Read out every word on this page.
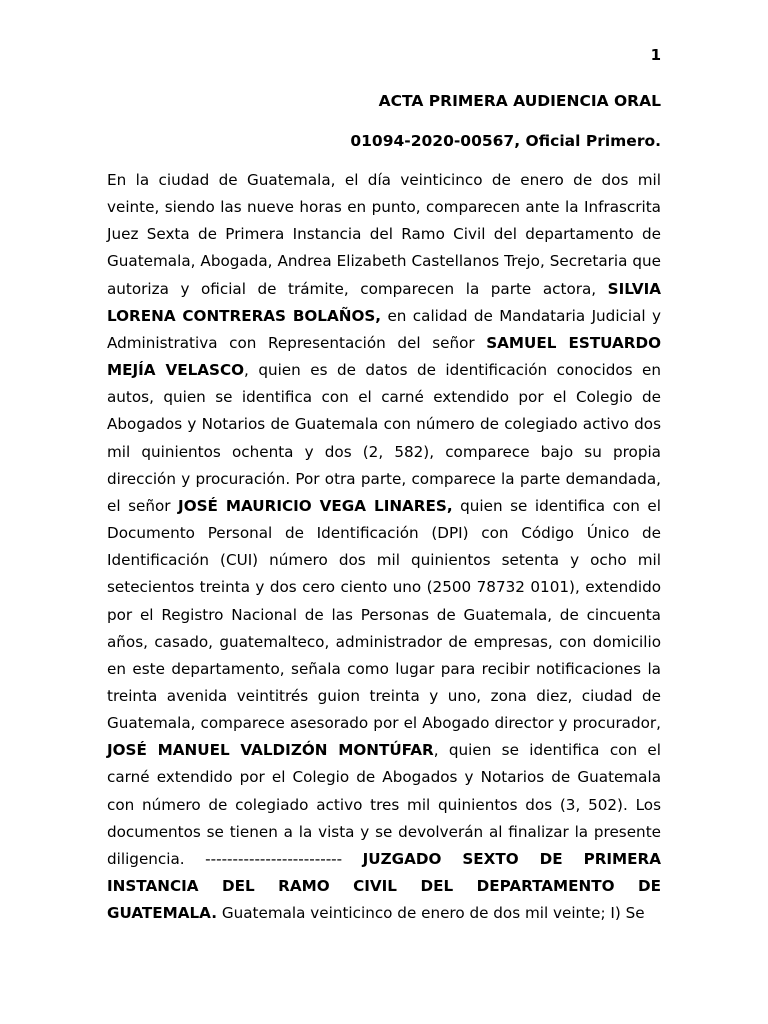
1
ACTA PRIMERA AUDIENCIA ORAL
01094-2020-00567, Oficial Primero.

En la ciudad de Guatemala, el día veinticinco de enero de dos mil veinte, siendo las nueve horas en punto, comparecen ante la Infrascrita Juez Sexta de Primera Instancia del Ramo Civil del departamento de Guatemala, Abogada, Andrea Elizabeth Castellanos Trejo, Secretaria que autoriza y oficial de trámite, comparecen la parte actora, SILVIA LORENA CONTRERAS BOLAÑOS, en calidad de Mandataria Judicial y Administrativa con Representación del señor SAMUEL ESTUARDO MEJÍA VELASCO, quien es de datos de identificación conocidos en autos, quien se identifica con el carné extendido por el Colegio de Abogados y Notarios de Guatemala con número de colegiado activo dos mil quinientos ochenta y dos (2, 582), comparece bajo su propia dirección y procuración. Por otra parte, comparece la parte demandada, el señor JOSÉ MAURICIO VEGA LINARES, quien se identifica con el Documento Personal de Identificación (DPI) con Código Único de Identificación (CUI) número dos mil quinientos setenta y ocho mil setecientos treinta y dos cero ciento uno (2500 78732 0101), extendido por el Registro Nacional de las Personas de Guatemala, de cincuenta años, casado, guatemalteco, administrador de empresas, con domicilio en este departamento, señala como lugar para recibir notificaciones la treinta avenida veintitrés guion treinta y uno, zona diez, ciudad de Guatemala, comparece asesorado por el Abogado director y procurador, JOSÉ MANUEL VALDIZÓN MONTÚFAR, quien se identifica con el carné extendido por el Colegio de Abogados y Notarios de Guatemala con número de colegiado activo tres mil quinientos dos (3, 502). Los documentos se tienen a la vista y se devolverán al finalizar la presente diligencia. ------------------------- JUZGADO SEXTO DE PRIMERA INSTANCIA DEL RAMO CIVIL DEL DEPARTAMENTO DE GUATEMALA. Guatemala veinticinco de enero de dos mil veinte; I) Se
